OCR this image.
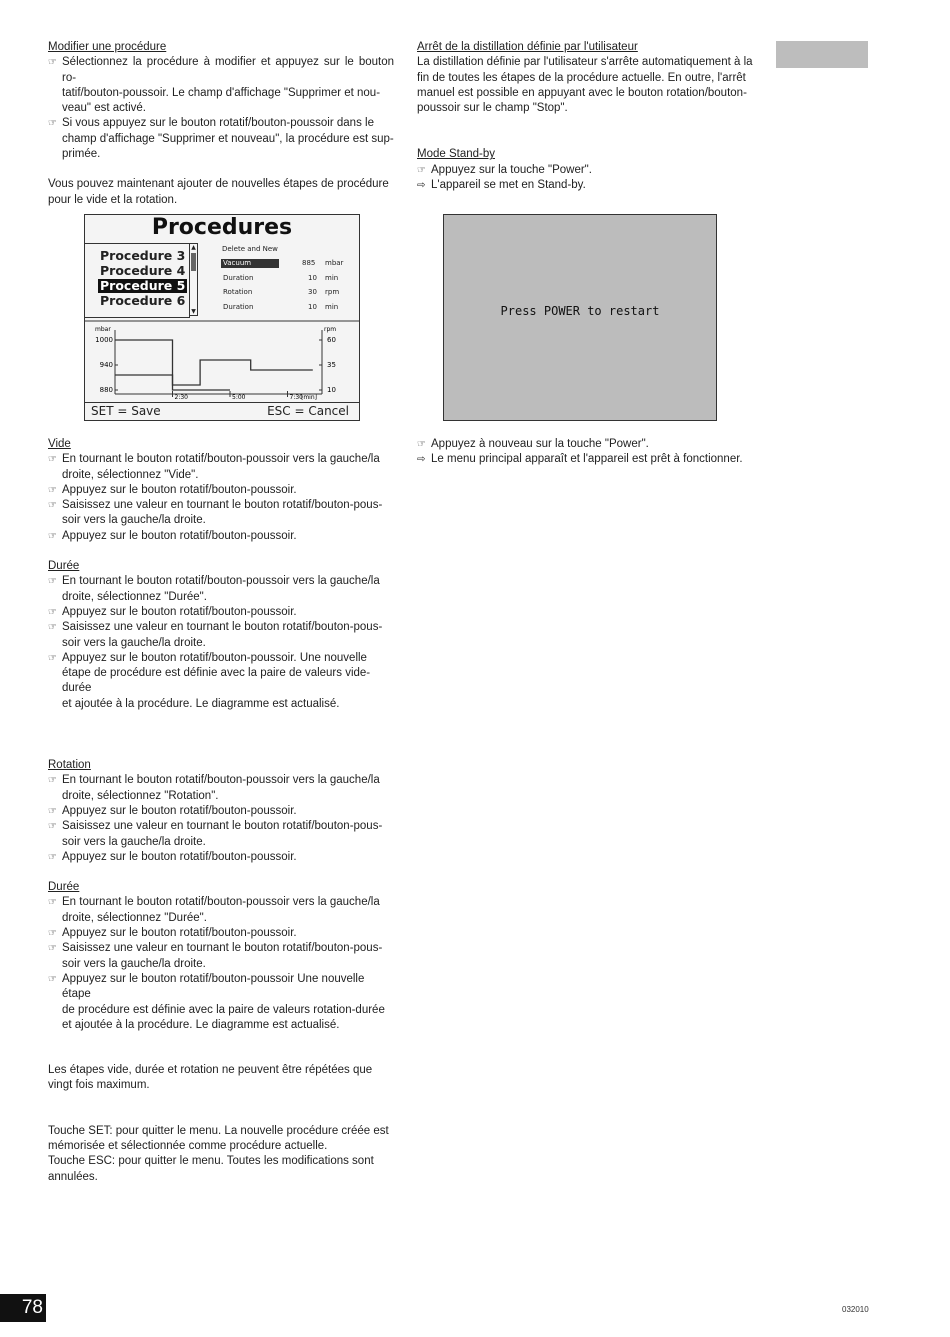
Modifier une procédure
☞ Sélectionnez la procédure à modifier et appuyez sur le bouton ro-
tatif/bouton-poussoir. Le champ d'affichage "Supprimer et nou-
veau" est activé.
☞ Si vous appuyez sur le bouton rotatif/bouton-poussoir dans le
champ d'affichage "Supprimer et nouveau", la procédure est sup-
primée.
Vous pouvez maintenant ajouter de nouvelles étapes de procédure
pour le vide et la rotation.
Procedures
Procedure 3
Procedure 4
Procedure 5
Procedure 6
▲
▼
Delete and New
Vacuum	885 mbar
Duration	10 min
Rotation	30 rpm
Duration	10 min
mbar	rpm
[min]
1000
940
880
60
35
10
2:30	5:00	7:30
SET = Save	ESC = Cancel
Vide
☞ En tournant le bouton rotatif/bouton-poussoir vers la gauche/la
droite, sélectionnez "Vide".
☞ Appuyez sur le bouton rotatif/bouton-poussoir.
☞ Saisissez une valeur en tournant le bouton rotatif/bouton-pous-
soir vers la gauche/la droite.
☞ Appuyez sur le bouton rotatif/bouton-poussoir.
Durée
☞ En tournant le bouton rotatif/bouton-poussoir vers la gauche/la
droite, sélectionnez "Durée".
☞ Appuyez sur le bouton rotatif/bouton-poussoir.
☞ Saisissez une valeur en tournant le bouton rotatif/bouton-pous-
soir vers la gauche/la droite.
☞ Appuyez sur le bouton rotatif/bouton-poussoir. Une nouvelle
étape de procédure est définie avec la paire de valeurs vide-durée
et ajoutée à la procédure. Le diagramme est actualisé.
Rotation
☞ En tournant le bouton rotatif/bouton-poussoir vers la gauche/la
droite, sélectionnez "Rotation".
☞ Appuyez sur le bouton rotatif/bouton-poussoir.
☞ Saisissez une valeur en tournant le bouton rotatif/bouton-pous-
soir vers la gauche/la droite.
☞ Appuyez sur le bouton rotatif/bouton-poussoir.
Durée
☞ En tournant le bouton rotatif/bouton-poussoir vers la gauche/la
droite, sélectionnez "Durée".
☞ Appuyez sur le bouton rotatif/bouton-poussoir.
☞ Saisissez une valeur en tournant le bouton rotatif/bouton-pous-
soir vers la gauche/la droite.
☞ Appuyez sur le bouton rotatif/bouton-poussoir Une nouvelle étape
de procédure est définie avec la paire de valeurs rotation-durée
et ajoutée à la procédure. Le diagramme est actualisé.
Les étapes vide, durée et rotation ne peuvent être répétées que
vingt fois maximum.
Touche SET: pour quitter le menu. La nouvelle procédure créée est
mémorisée et sélectionnée comme procédure actuelle.
Touche ESC: pour quitter le menu. Toutes les modifications sont
annulées.
Arrêt de la distillation définie par l'utilisateur
La distillation définie par l'utilisateur s'arrête automatiquement à la
fin de toutes les étapes de la procédure actuelle. En outre, l'arrêt
manuel est possible en appuyant avec le bouton rotation/bouton-
poussoir sur le champ "Stop".
Mode Stand-by
☞ Appuyez sur la touche "Power".
⇨ L'appareil se met en Stand-by.
Press POWER to restart
☞ Appuyez à nouveau sur la touche "Power".
⇨ Le menu principal apparaît et l'appareil est prêt à fonctionner.
78	032010
